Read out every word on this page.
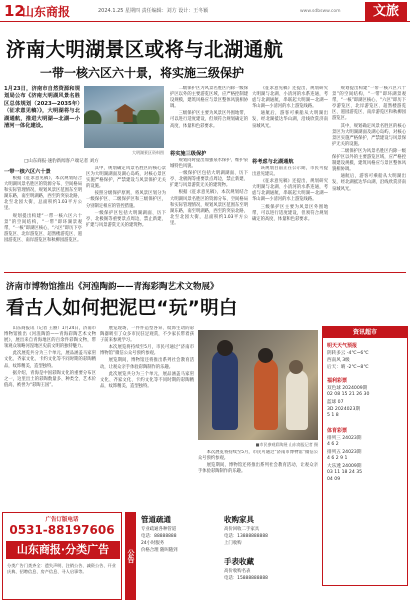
12
山东商报	2024.1.25 星期四 责任编辑：刘方 设计：王冬颖	www.sdbsww.com	文旅
济南大明湖景区或将与北湖通航
一带一核六区六十景，将实施三级保护
1月23日，济南市自然资源和规划局公布《济南大明湖风景名胜区总体规划（2023—2035年）（征求意见稿）》，大明湖将与北湖通航，推进大明湖—北湖—小清河一体化建设。
□山东商报·速豹新闻客户端记者 刘方
大明湖景区资料图
一带一核六区六十景

根据《征求意见稿》，本次规划结合大明湖风景名胜区的资源分布、空间格局和实际管理情况，规划风景区范围东至明湖东路，南至明湖路，西至趵突泉北路，北至北园大街，总面积约1.03平方公里。

规划提出构建“一带一核六区六十景”的空间结构，“一带”即环湖景观带，“一核”即湖区核心，“六区”即历下亭游览区、北岸游览区、超然楼游览区、遐园游览区、南岸游览区和秋柳园游览区。

其中，规划确定风景名胜区的核心景区为大明湖湖面及湖心岛屿，对核心景区实施严格保护，严禁建设与风景保护无关的设施。

按照分级保护原则，将风景区划分为一级保护区、二级保护区和三级保护区，分别制定相应的管控措施。

一级保护区包括大明湖湖面、历下亭、北极阁等重要景点周边，禁止新建、扩建与风景游赏无关的建筑物。

二级保护区为风景名胜区内除一级保护区以外的主要游览区域，应严格控制建设规模，建筑风格应与景区整体风貌相协调。

三级保护区主要为风景区外围地带，可以进行适度建设，但须符合规划确定的高度、体量和色彩要求。

将实施三级保护

规划同时提出加强泉水保护，维护泉城特色风貌。

一级保护区包括大明湖湖面、历下亭、北极阁等重要景点周边，禁止新建、扩建与风景游赏无关的建筑物。

根据《征求意见稿》，本次规划结合大明湖风景名胜区的资源分布、空间格局和实际管理情况，规划风景区范围东至明湖东路，南至明湖路，西至趵突泉北路，北至北园大街，总面积约1.03平方公里。

《征求意见稿》还提出，规划研究大明湖与北湖、小清河的水系连通，考虑与北湖通航，串联起大明湖—北湖—华山湖—小清河的水上游览线路。

通航后，游客可乘船从大明湖出发，经北湖抵达华山湖，沿线欣赏济南泉城风光。

将考虑与北湖通航

该规划目前正在公示期，市民可提出意见建议。

《征求意见稿》还提出，规划研究大明湖与北湖、小清河的水系连通，考虑与北湖通航，串联起大明湖—北湖—华山湖—小清河的水上游览线路。

三级保护区主要为风景区外围地带，可以进行适度建设，但须符合规划确定的高度、体量和色彩要求。

规划提出构建“一带一核六区六十景”的空间结构，“一带”即环湖景观带，“一核”即湖区核心，“六区”即历下亭游览区、北岸游览区、超然楼游览区、遐园游览区、南岸游览区和秋柳园游览区。

其中，规划确定风景名胜区的核心景区为大明湖湖面及湖心岛屿，对核心景区实施严格保护，严禁建设与风景保护无关的设施。

二级保护区为风景名胜区内除一级保护区以外的主要游览区域，应严格控制建设规模，建筑风格应与景区整体风貌相协调。

通航后，游客可乘船从大明湖出发，经北湖抵达华山湖，沿线欣赏济南泉城风光。

济南市博物馆推出《河湟陶韵——青海彩陶艺术文物展》
看古人如何把泥巴“玩”明白

山东商报讯（记者 王丽）1月24日，济南市博物馆推出《河湟陶韵——青海彩陶艺术文物展》，展出来自青海地区的百余件彩陶文物，带领观众领略河湟地区史前文明的独特魅力。

此次展览共分为三个单元，展品涵盖马家窑文化、齐家文化、卡约文化等不同时期的彩陶精品，纹饰精美，造型独特。

据介绍，青海是中国彩陶文化的重要分布区之一，这里出土的彩陶数量多、种类全、艺术价值高，被誉为“彩陶王国”。

展览现场，一件件造型各异、纹饰生动的彩陶器吸引了众多市民驻足观赏，不少家长带着孩子前来参观学习。

本次展览将持续至5月，市民可通过“济南市博物馆”微信公众号预约参观。

展览期间，博物馆还将推出系列社会教育活动，让观众亲手体验彩陶制作的乐趣。

此次展览共分为三个单元，展品涵盖马家窑文化、齐家文化、卡约文化等不同时期的彩陶精品，纹饰精美，造型独特。

■市民参观彩陶展 山东商报记者 摄

本次展览将持续至5月，市民可通过“济南市博物馆”微信公众号预约参观。

展览期间，博物馆还将推出系列社会教育活动，让观众亲手体验彩陶制作的乐趣。

资讯超市
明天天气预报
阴转多云 -4℃~6℃
西南风 3级
后天：晴 -2℃~8℃
福利彩票
双色球 2024009期
02 08 15 21 26 30
蓝球 07
3D 2024023期
5 1 8
体育彩票
排列三 24023期
4 6 2
排列五 24023期
4 6 2 9 1
大乐透 24009期
03 11 18 24 35
04 09
广告订版电话
0531-88197606
山东商报·分类广告
分类广告门类齐全：遗失声明、注销公告、减资公告、开业庆典、招聘信息、房产信息、寻人启事等。
公告
管道疏通
专业疏通各种管道
电话：88888888
24小时服务
价格合理 随叫随到
收购家具
高价回收二手家具
电话：13888888888
上门收购
手表收藏
高价收购名表
电话：15888888888
